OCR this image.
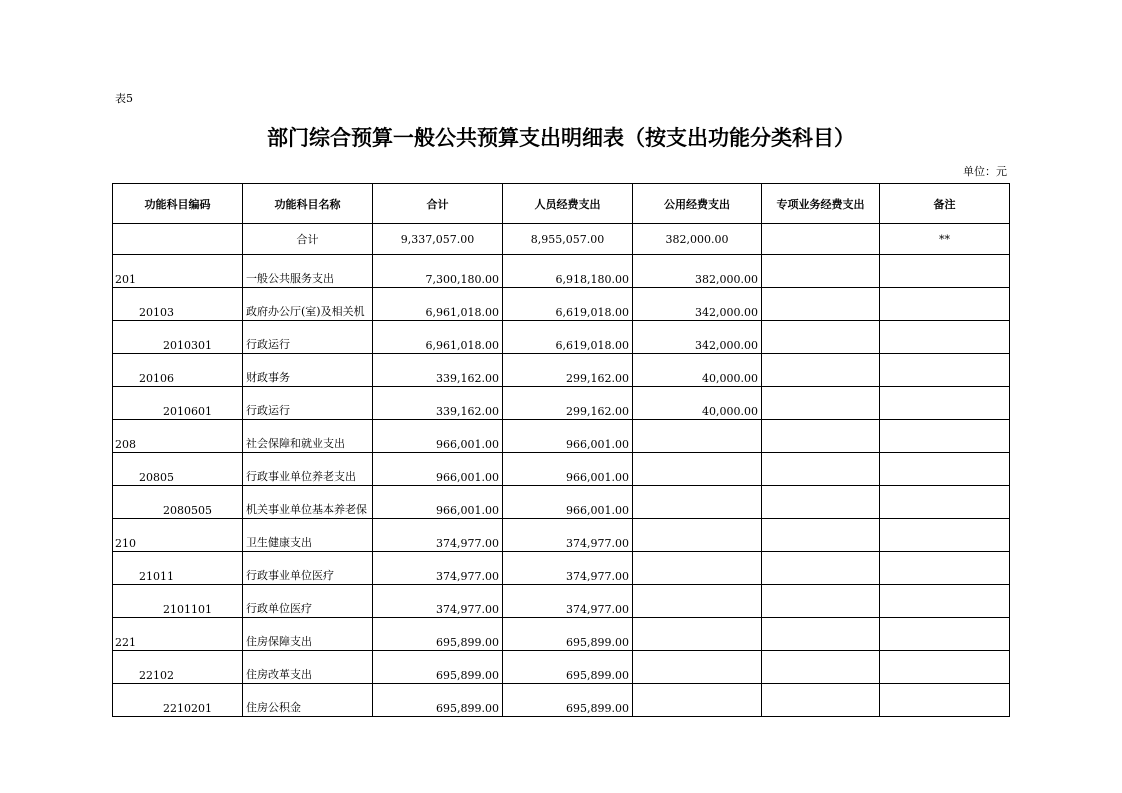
表5
部门综合预算一般公共预算支出明细表（按支出功能分类科目）
单位：元
功能科目编码	功能科目名称	合计	人员经费支出	公用经费支出	专项业务经费支出	备注
	合计	9,337,057.00	8,955,057.00	382,000.00		**
201	一般公共服务支出	7,300,180.00	6,918,180.00	382,000.00		
20103	政府办公厅(室)及相关机	6,961,018.00	6,619,018.00	342,000.00		
2010301	行政运行	6,961,018.00	6,619,018.00	342,000.00		
20106	财政事务	339,162.00	299,162.00	40,000.00		
2010601	行政运行	339,162.00	299,162.00	40,000.00		
208	社会保障和就业支出	966,001.00	966,001.00			
20805	行政事业单位养老支出	966,001.00	966,001.00			
2080505	机关事业单位基本养老保	966,001.00	966,001.00			
210	卫生健康支出	374,977.00	374,977.00			
21011	行政事业单位医疗	374,977.00	374,977.00			
2101101	行政单位医疗	374,977.00	374,977.00			
221	住房保障支出	695,899.00	695,899.00			
22102	住房改革支出	695,899.00	695,899.00			
2210201	住房公积金	695,899.00	695,899.00			
